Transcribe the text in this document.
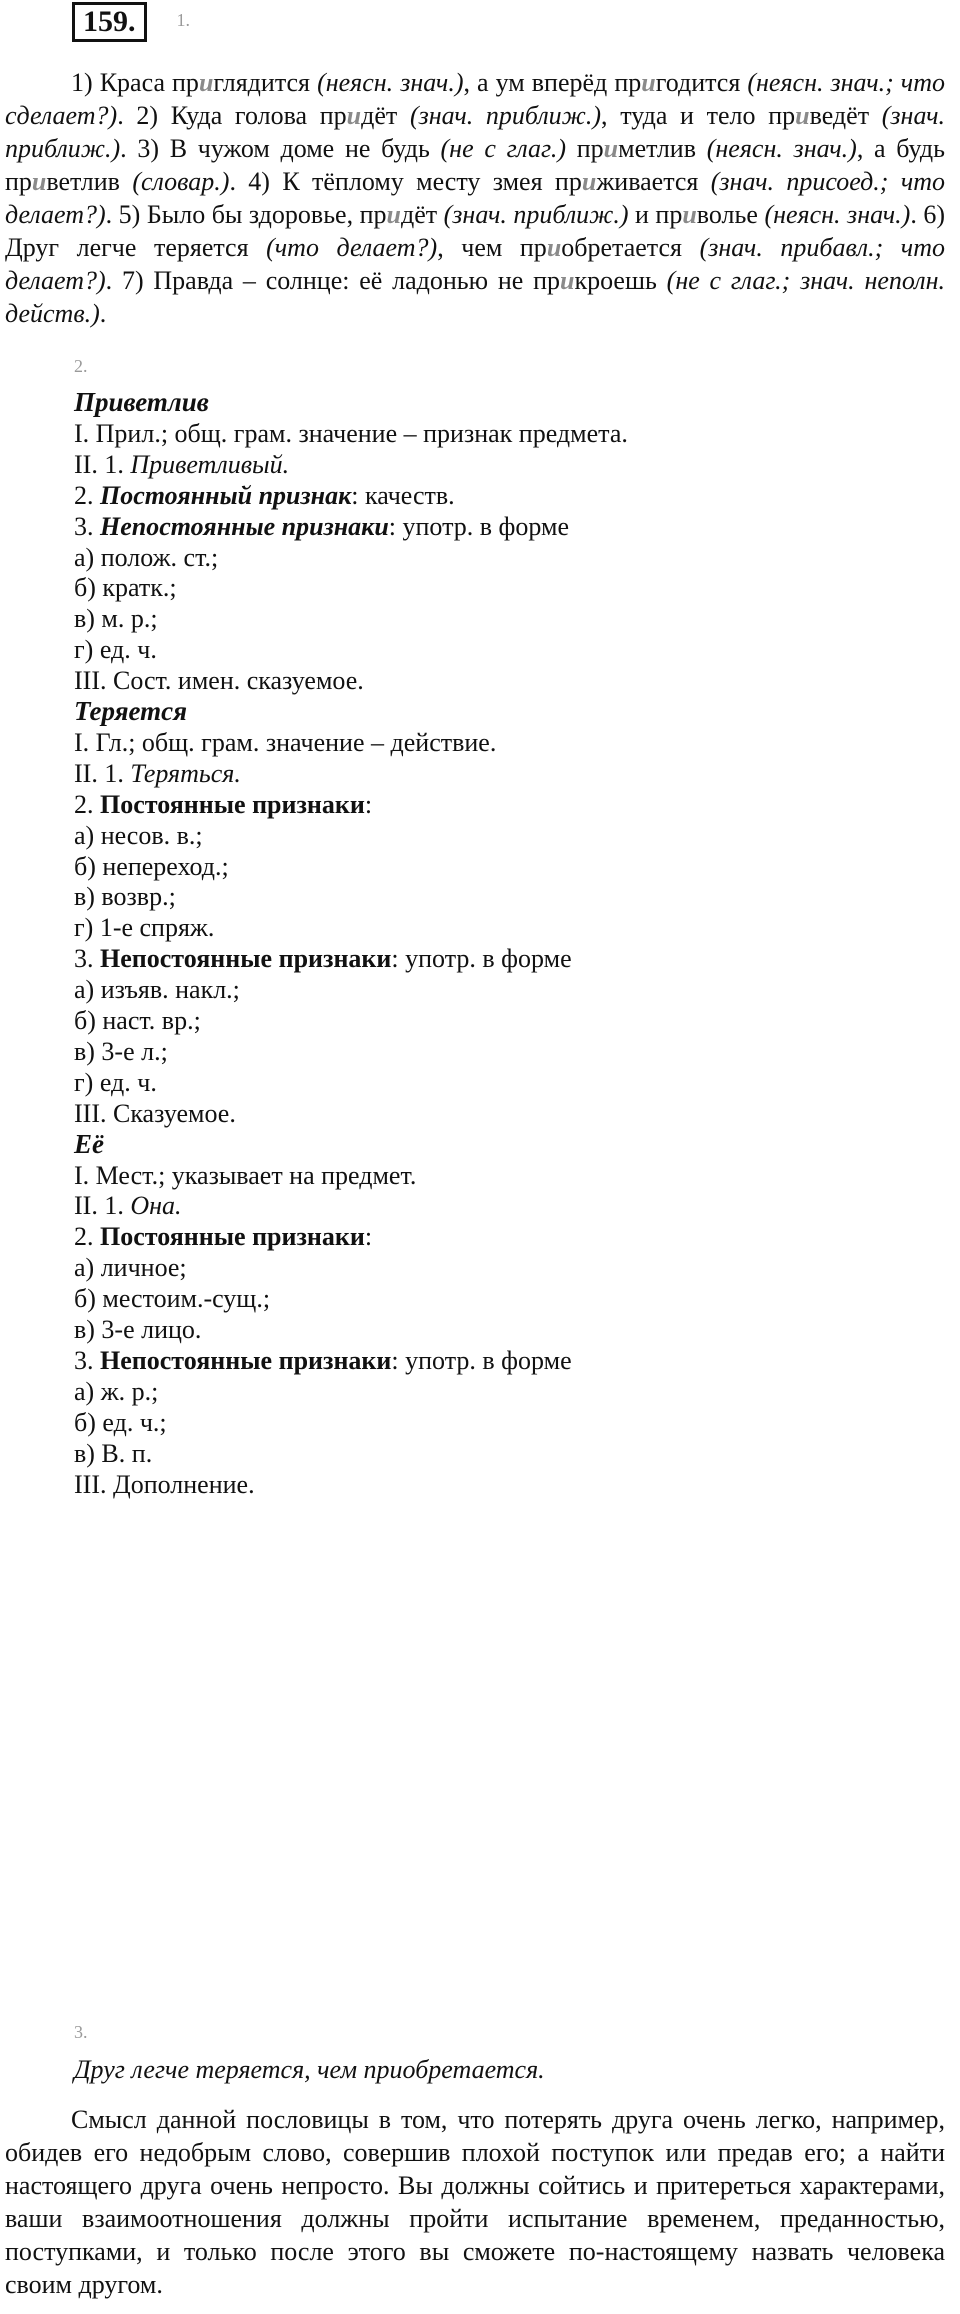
159.	1.
1) Краса приглядится (неясн. знач.), а ум вперёд пригодится (неясн. знач.; что сделает?). 2) Куда голова придёт (знач. приближ.), туда и тело приведёт (знач. приближ.). 3) В чужом доме не будь (не с глаг.) приметлив (неясн. знач.), а будь приветлив (словар.). 4) К тёплому месту змея приживается (знач. присоед.; что делает?). 5) Было бы здоровье, придёт (знач. приближ.) и приволье (неясн. знач.). 6) Друг легче теряется (что делает?), чем приобретается (знач. прибавл.; что делает?). 7) Правда – солнце: её ладонью не прикроешь (не с глаг.; знач. неполн. действ.).
2.
Приветлив
I. Прил.; общ. грам. значение – признак предмета.
II. 1. Приветливый.
2. Постоянный признак: качеств.
3. Непостоянные признаки: употр. в форме
а) полож. ст.;
б) кратк.;
в) м. р.;
г) ед. ч.
III. Сост. имен. сказуемое.
Теряется
I. Гл.; общ. грам. значение – действие.
II. 1. Теряться.
2. Постоянные признаки:
а) несов. в.;
б) непереход.;
в) возвр.;
г) 1-е спряж.
3. Непостоянные признаки: употр. в форме
а) изъяв. накл.;
б) наст. вр.;
в) 3-е л.;
г) ед. ч.
III. Сказуемое.
Её
I. Мест.; указывает на предмет.
II. 1. Она.
2. Постоянные признаки:
а) личное;
б) местоим.-сущ.;
в) 3-е лицо.
3. Непостоянные признаки: употр. в форме
а) ж. р.;
б) ед. ч.;
в) В. п.
III. Дополнение.
3.
Друг легче теряется, чем приобретается.
Смысл данной пословицы в том, что потерять друга очень легко, например, обидев его недобрым слово, совершив плохой поступок или предав его; а найти настоящего друга очень непросто. Вы должны сойтись и притереться характерами, ваши взаимоотношения должны пройти испытание временем, преданностью, поступками, и только после этого вы сможете по-настоящему назвать человека своим другом.
